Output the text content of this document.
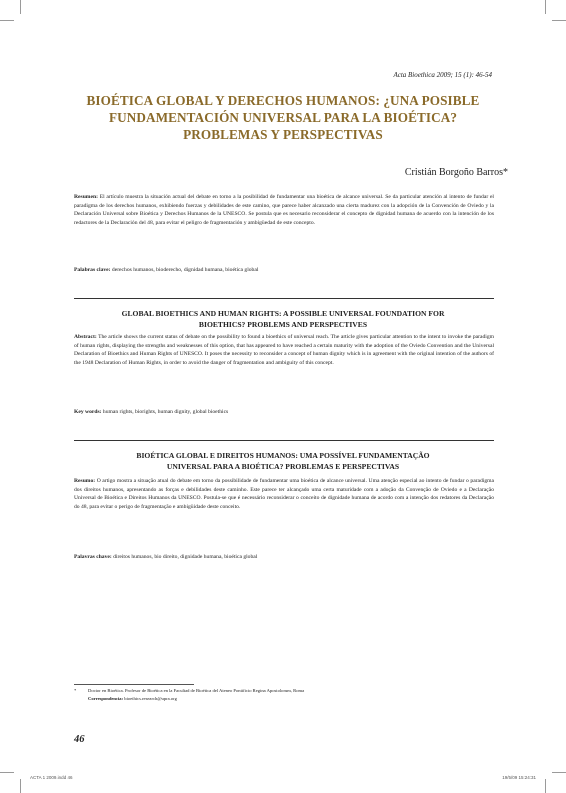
Acta Bioethica 2009; 15 (1): 46-54
BIOÉTICA GLOBAL Y DERECHOS HUMANOS: ¿UNA POSIBLE
FUNDAMENTACIÓN UNIVERSAL PARA LA BIOÉTICA?
PROBLEMAS Y PERSPECTIVAS
Cristián Borgoño Barros*
Resumen: El artículo muestra la situación actual del debate en torno a la posibilidad de fundamentar una bioética de alcance universal. Se da particular atención al intento de fundar el paradigma de los derechos humanos, exhibiendo fuerzas y debilidades de este camino, que parece haber alcanzado una cierta madurez con la adopción de la Convención de Oviedo y la Declaración Universal sobre Bioética y Derechos Humanos de la UNESCO. Se postula que es necesario reconsiderar el concepto de dignidad humana de acuerdo con la intención de los redactores de la Declaración del 48, para evitar el peligro de fragmentación y ambigüedad de este concepto.
Palabras clave: derechos humanos, bioderecho, dignidad humana, bioética global
GLOBAL BIOETHICS AND HUMAN RIGHTS: A POSSIBLE UNIVERSAL FOUNDATION FOR
BIOETHICS? PROBLEMS AND PERSPECTIVES
Abstract: The article shows the current status of debate on the possibility to found a bioethics of universal reach. The article gives particular attention to the intent to invoke the paradigm of human rights, displaying the strengths and weaknesses of this option, that has appeared to have reached a certain maturity with the adoption of the Oviedo Convention and the Universal Declaration of Bioethics and Human Rights of UNESCO. It poses the necessity to reconsider a concept of human dignity which is in agreement with the original intention of the authors of the 1948 Declaration of Human Rights, in order to avoid the danger of fragmentation and ambiguity of this concept.
Key words: human rights, biorights, human dignity, global bioethics
BIOÉTICA GLOBAL E DIREITOS HUMANOS: UMA POSSÍVEL FUNDAMENTAÇÃO
UNIVERSAL PARA A BIOÉTICA? PROBLEMAS E PERSPECTIVAS
Resumo: O artigo mostra a situação atual do debate em torno da possibilidade de fundamentar uma bioética de alcance universal. Uma atenção especial ao intento de fundar o paradigma dos direitos humanos, apresentando as forças e debilidades deste caminho. Este parece ter alcançado uma certa maturidade com a adoção da Convenção de Oviedo e a Declaração Universal de Bioética e Direitos Humanos da UNESCO. Postula-se que é necessário reconsiderar o conceito de dignidade humana de acordo com a intenção dos redatores da Declaração do 48, para evitar o perigo de fragmentação e ambigüidade deste conceito.
Palavras chave: direitos humanos, bio direito, dignidade humana, bioética global
*	Doctor en Bioética. Profesor de Bioética en la Facultad de Bioética del Ateneo Pontificio Regina Apostolorum, Roma
Correspondencia: bioethics.research@upra.org
46
ACTA 1 2009.indd 46	19/5/09 15:24:31
